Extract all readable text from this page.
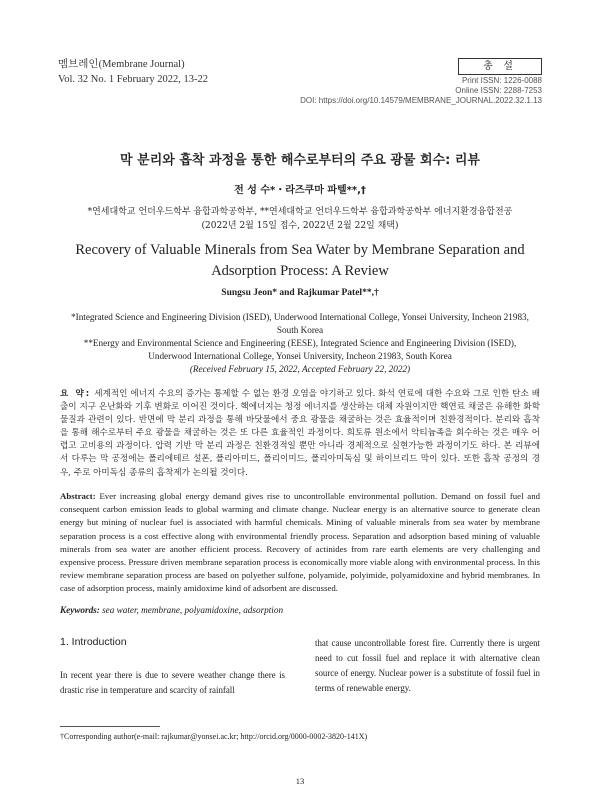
멤브레인(Membrane Journal)
Vol. 32 No. 1 February 2022, 13-22
총 설
Print ISSN: 1226-0088
Online ISSN: 2288-7253
DOI: https://doi.org/10.14579/MEMBRANE_JOURNAL.2022.32.1.13
막 분리와 흡착 과정을 통한 해수로부터의 주요 광물 회수: 리뷰
전 성 수*・라즈쿠마 파텔**,†
*연세대학교 언더우드학부 융합과학공학부, **연세대학교 언더우드학부 융합과학공학부 에너지환경융합전공
(2022년 2월 15일 접수, 2022년 2월 22일 채택)
Recovery of Valuable Minerals from Sea Water by Membrane Separation and
Adsorption Process: A Review
Sungsu Jeon* and Rajkumar Patel**,†
*Integrated Science and Engineering Division (ISED), Underwood International College, Yonsei University, Incheon 21983, South Korea
**Energy and Environmental Science and Engineering (EESE), Integrated Science and Engineering Division (ISED), Underwood International College, Yonsei University, Incheon 21983, South Korea
(Received February 15, 2022, Accepted February 22, 2022)
요 약: 세계적인 에너지 수요의 증가는 통제할 수 없는 환경 오염을 야기하고 있다. 화석 연료에 대한 수요와 그로 인한 탄소 배출이 지구 온난화와 기후 변화로 이어진 것이다. 핵에너지는 청정 에너지를 생산하는 대체 자원이지만 핵연료 채굴은 유해한 화학물질과 관련이 있다. 반면에 막 분리 과정을 통해 바닷물에서 중요 광물을 채굴하는 것은 효율적이며 친환경적이다. 분리와 흡착을 통해 해수로부터 주요 광물을 채굴하는 것은 또 다른 효율적인 과정이다. 희토류 원소에서 악티늄족을 회수하는 것은 매우 어렵고 고비용의 과정이다. 압력 기반 막 분리 과정은 친환경적일 뿐만 아니라 경제적으로 실현가능한 과정이기도 하다. 본 리뷰에서 다루는 막 공정에는 폴리에테르 설폰, 폴리아미드, 폴리이미드, 폴리아미독심 및 하이브리드 막이 있다. 또한 흡착 공정의 경우, 주로 아미독심 종류의 흡착제가 논의될 것이다.
Abstract: Ever increasing global energy demand gives rise to uncontrollable environmental pollution. Demand on fossil fuel and consequent carbon emission leads to global warming and climate change. Nuclear energy is an alternative source to generate clean energy but mining of nuclear fuel is associated with harmful chemicals. Mining of valuable minerals from sea water by membrane separation process is a cost effective along with environmental friendly process. Separation and adsorption based mining of valuable minerals from sea water are another efficient process. Recovery of actinides from rare earth elements are very challenging and expensive process. Pressure driven membrane separation process is economically more viable along with environmental process. In this review membrane separation process are based on polyether sulfone, polyamide, polyimide, polyamidoxine and hybrid membranes. In case of adsorption process, mainly amidoxime kind of adsorbent are discussed.
Keywords: sea water, membrane, polyamidoxine, adsorption
1. Introduction
In recent year there is due to severe weather change there is drastic rise in temperature and scarcity of rainfall
that cause uncontrollable forest fire. Currently there is urgent need to cut fossil fuel and replace it with alternative clean source of energy. Nuclear power is a substitute of fossil fuel in terms of renewable energy.
†Corresponding author(e-mail: rajkumar@yonsei.ac.kr; http://orcid.org/0000-0002-3820-141X)
13
